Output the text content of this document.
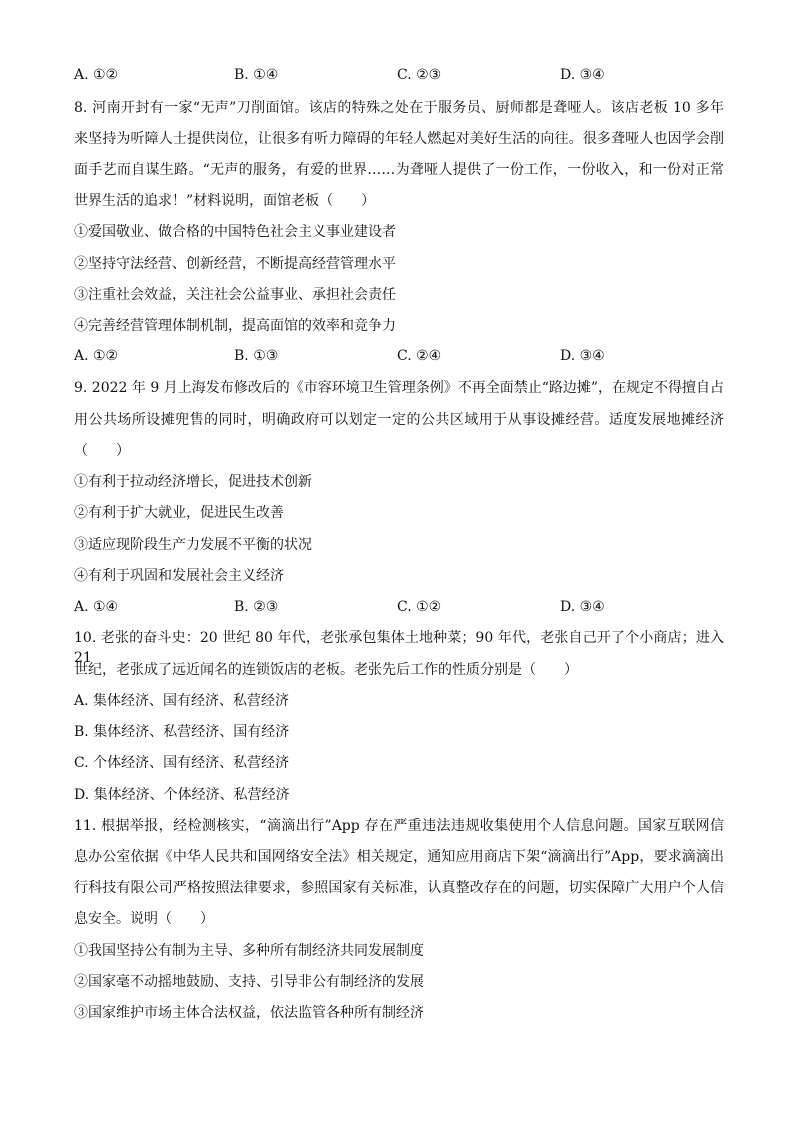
A. ①②	B. ①④	C. ②③	D. ③④
8. 河南开封有一家“无声”刀削面馆。该店的特殊之处在于服务员、厨师都是聋哑人。该店老板 10 多年
来坚持为听障人士提供岗位，让很多有听力障碍的年轻人燃起对美好生活的向往。很多聋哑人也因学会削
面手艺而自谋生路。“无声的服务，有爱的世界……为聋哑人提供了一份工作，一份收入，和一份对正常
世界生活的追求！”材料说明，面馆老板（　　）
①爱国敬业、做合格的中国特色社会主义事业建设者
②坚持守法经营、创新经营，不断提高经营管理水平
③注重社会效益，关注社会公益事业、承担社会责任
④完善经营管理体制机制，提高面馆的效率和竞争力
A. ①②	B. ①③	C. ②④	D. ③④
9. 2022 年 9 月上海发布修改后的《市容环境卫生管理条例》不再全面禁止“路边摊”，在规定不得擅自占
用公共场所设摊兜售的同时，明确政府可以划定一定的公共区域用于从事设摊经营。适度发展地摊经济
（　　）
①有利于拉动经济增长，促进技术创新
②有利于扩大就业，促进民生改善
③适应现阶段生产力发展不平衡的状况
④有利于巩固和发展社会主义经济
A. ①④	B. ②③	C. ①②	D. ③④
10. 老张的奋斗史：20 世纪 80 年代，老张承包集体土地种菜；90 年代，老张自己开了个小商店；进入 21
世纪，老张成了远近闻名的连锁饭店的老板。老张先后工作的性质分别是（　　）
A. 集体经济、国有经济、私营经济
B. 集体经济、私营经济、国有经济
C. 个体经济、国有经济、私营经济
D. 集体经济、个体经济、私营经济
11. 根据举报，经检测核实，“滴滴出行”App 存在严重违法违规收集使用个人信息问题。国家互联网信
息办公室依据《中华人民共和国网络安全法》相关规定，通知应用商店下架“滴滴出行”App，要求滴滴出
行科技有限公司严格按照法律要求，参照国家有关标准，认真整改存在的问题，切实保障广大用户个人信
息安全。说明（　　）
①我国坚持公有制为主导、多种所有制经济共同发展制度
②国家毫不动摇地鼓励、支持、引导非公有制经济的发展
③国家维护市场主体合法权益，依法监管各种所有制经济
